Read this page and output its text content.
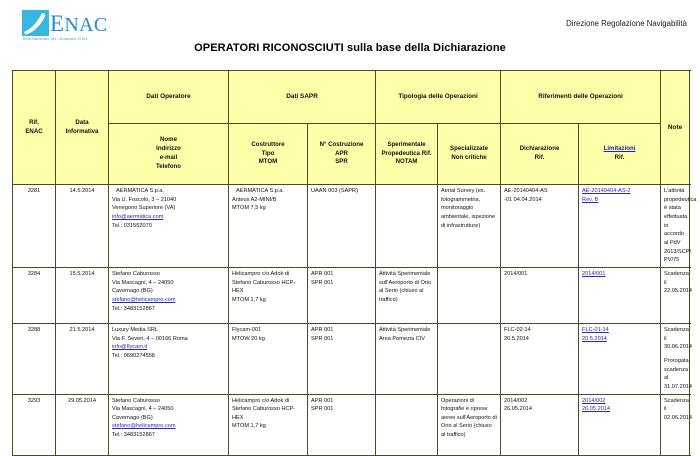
ENAC
Ente Nazionale per l'Aviazione Civile
Direzione Regolazione Navigabilità
OPERATORI RICONOSCIUTI sulla base della Dichiarazione
Rif.
ENAC	Data
Informativa	Dati Operatore	Dati SAPR		Tipologia delle Operazioni		Riferimenti delle Operazioni		Note
		Nome
Indirizzo
e-mail
Telefono	Costruttore
Tipo
MTOM	N° Costruzione
APR
SPR	Sperimentale
Propedeutica Rif.
NOTAM	Specializzate
Non critiche	Dichiarazione
Rif.	Limitazioni
Rif.	
3281	14.5.2014	AERMATICA S.p.a.
Via U. Foscolo, 3 – 21040
Venegono Superiore (VA)
info@aermatica.com
Tel.: 031552070	AERMATICA S.p.a.
Anteos A2-MINI/B
MTOM 7,5 kg	UAAN 003 (SAPR)		Aerial Survey (es. fotogrammetria, monitoraggio ambientale, ispezione di infrastrutture)	AE-20140404-AS
-01 04.04.2014	AE-20140404-AS-2
Rev. B	L'attività propedeutica è stata effettuata in accordo al PdV 2013/SCP/ PV/75
3284	15.5.2014	Stefano Caburosso
Via Mascagni, 4 – 24050
Cavernago (BG)
stefano@helicampro.com
Tel.: 3483152867	Helicampro c/o Adok di
Stefano Caburosso HCP-HEX
MTOM 1,7 kg	APR 001
SPR 001	Attività Sperimentale sull'Aeroporto di Orio al Serio (chiuso al traffico)		2014/001	2014/001	Scadenza il 22.05.2014
3288	21.5.2014	Luxury Media SRL
Via F. Severi, 4 – 00166 Roma
info@flycam.it
Tel.: 0690274558	Flycam-001
MTOW 20 kg	APR 001
SPR 001	Attività Sperimentale Area Pomezia CIV		FLC-02-14
20.5.2014	FLC-01-14
20.5.2014	Scadenza il
30.06.2014
Prorogata scadenza
al 31.07.2014
3293	29.05.2014	Stefano Caburosso
Via Mascagni, 4 – 24050
Cavernago (BG)
stefano@helicampro.com
Tel.: 3483152867	Helicampro c/o Adok di
Stefano Caburosso HCP-HEX
MTOM 1,7 kg	APR 001
SPR 001		Operazioni di fotografie e riprese aeree sull'Aeroporto di Orio al Serio (chiuso al traffico)	2014/002
26.05.2014	2014/002
26.05.2014	Scadenza il 02.06.2014
